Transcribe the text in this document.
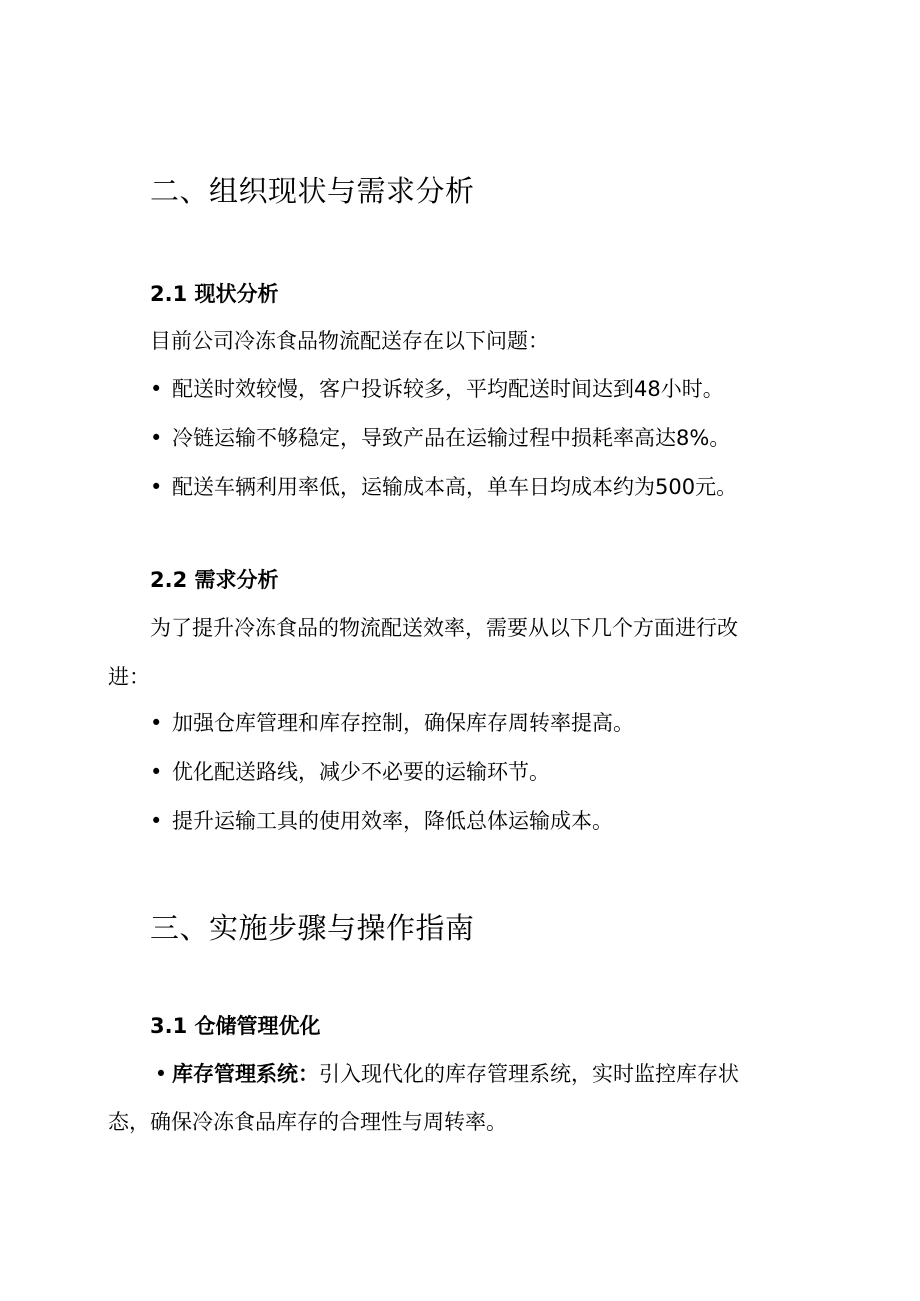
二、组织现状与需求分析
2.1 现状分析
目前公司冷冻食品物流配送存在以下问题：
• 配送时效较慢，客户投诉较多，平均配送时间达到48小时。
• 冷链运输不够稳定，导致产品在运输过程中损耗率高达8%。
• 配送车辆利用率低，运输成本高，单车日均成本约为500元。
2.2 需求分析
为了提升冷冻食品的物流配送效率，需要从以下几个方面进行改
进：
• 加强仓库管理和库存控制，确保库存周转率提高。
• 优化配送路线，减少不必要的运输环节。
• 提升运输工具的使用效率，降低总体运输成本。
三、实施步骤与操作指南
3.1 仓储管理优化
• 库存管理系统：引入现代化的库存管理系统，实时监控库存状
态，确保冷冻食品库存的合理性与周转率。
